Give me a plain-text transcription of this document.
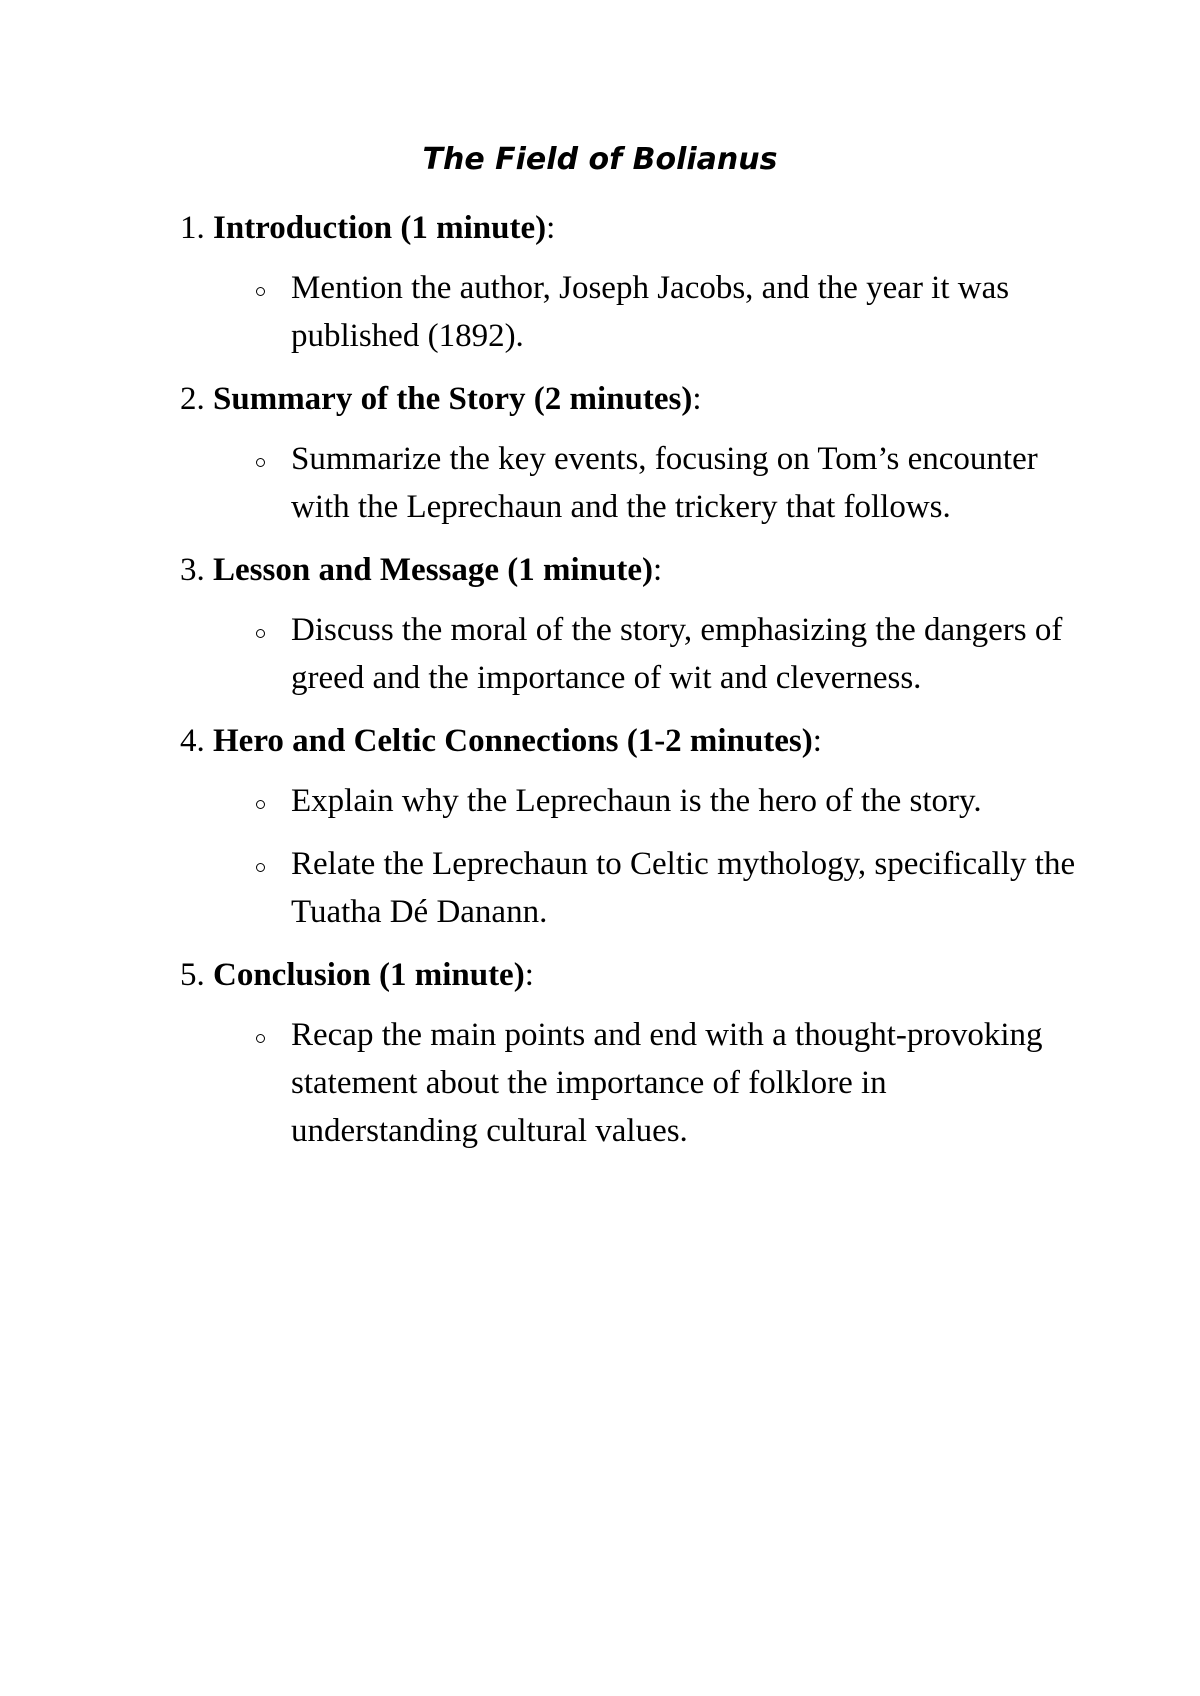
The Field of Bolianus
1. Introduction (1 minute):
Mention the author, Joseph Jacobs, and the year it was published (1892).
2. Summary of the Story (2 minutes):
Summarize the key events, focusing on Tom’s encounter with the Leprechaun and the trickery that follows.
3. Lesson and Message (1 minute):
Discuss the moral of the story, emphasizing the dangers of greed and the importance of wit and cleverness.
4. Hero and Celtic Connections (1-2 minutes):
Explain why the Leprechaun is the hero of the story.
Relate the Leprechaun to Celtic mythology, specifically the Tuatha Dé Danann.
5. Conclusion (1 minute):
Recap the main points and end with a thought-provoking statement about the importance of folklore in understanding cultural values.
